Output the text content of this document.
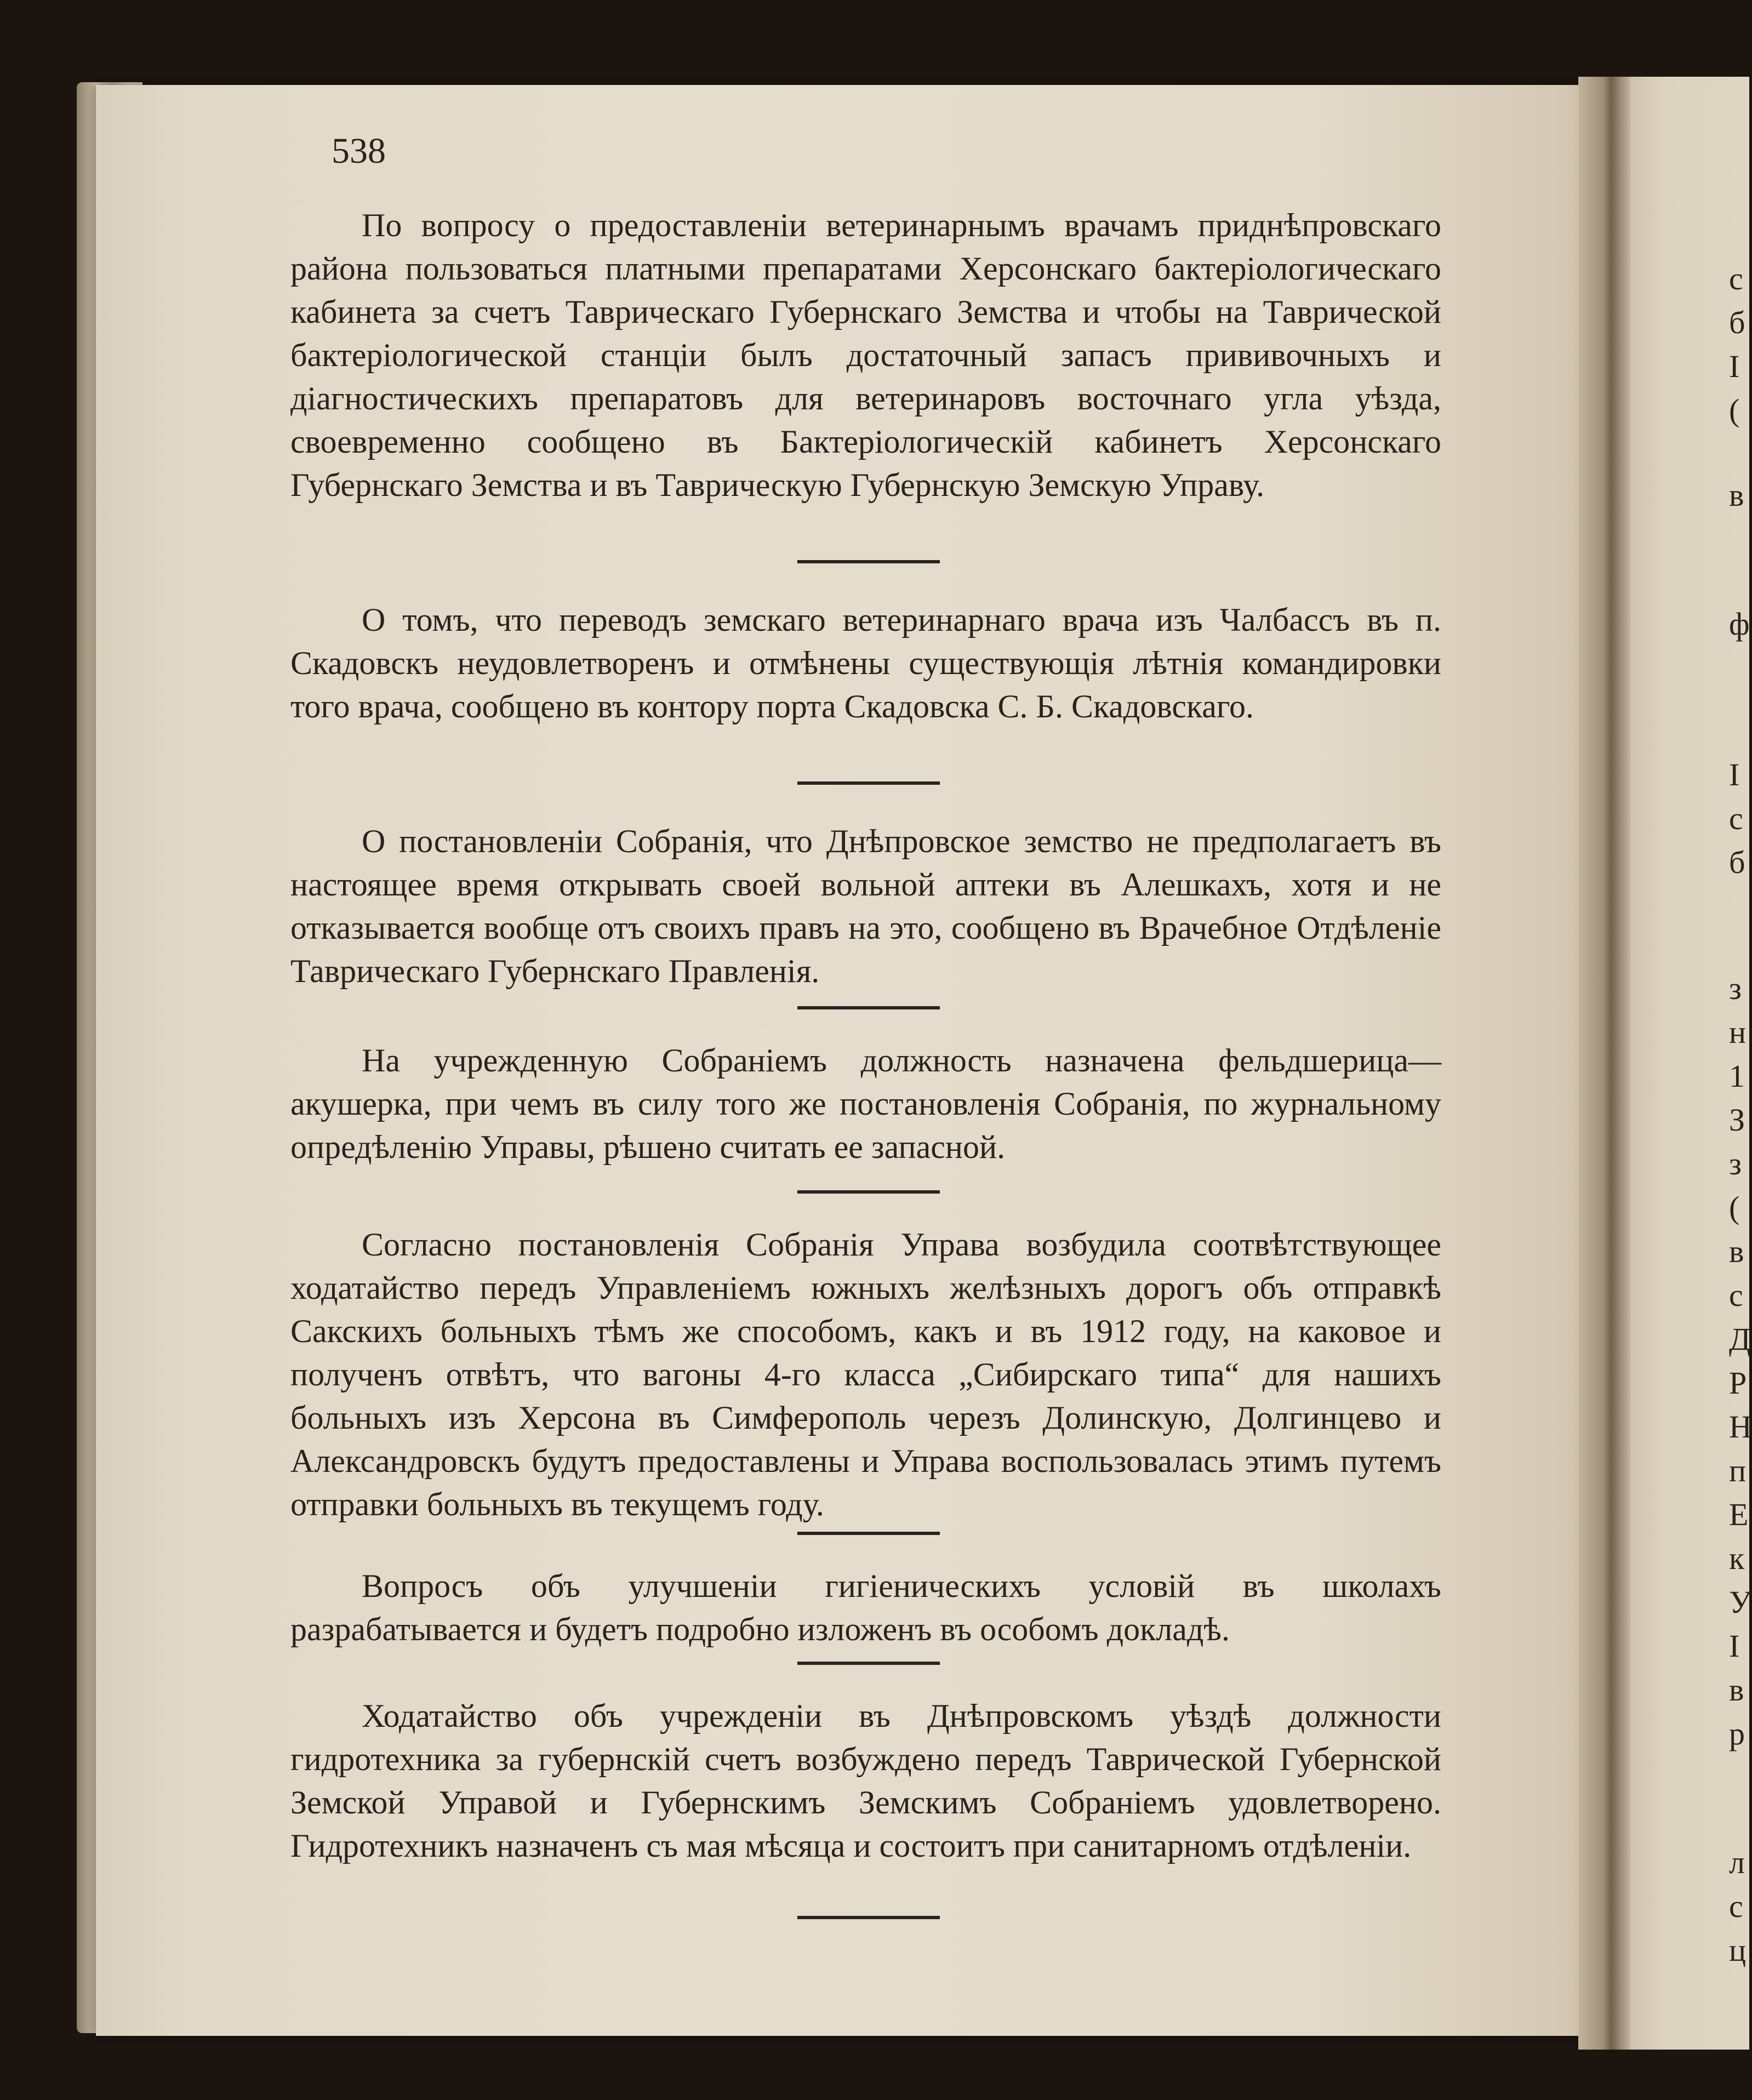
с
б
I
(
в
ф
I
с
б
з
н
1
З
з
(
в
с
Д
Р
Н
п
Е
к
У
I
в
р
л
с
ц
538

По вопросу о предоставленіи ветеринарнымъ врачамъ приднѣпровскаго района пользоваться платными препаратами Херсонскаго бактеріологическаго кабинета за счетъ Таврическаго Губернскаго Земства и чтобы на Таврической бактеріологической станціи былъ достаточный запасъ прививочныхъ и діагностическихъ препаратовъ для ветеринаровъ восточнаго угла уѣзда, своевременно сообщено въ Бактеріологическій кабинетъ Херсонскаго Губернскаго Земства и въ Таврическую Губернскую Земскую Управу.

О томъ, что переводъ земскаго ветеринарнаго врача изъ Чалбассъ въ п. Скадовскъ неудовлетворенъ и отмѣнены существующія лѣтнія командировки того врача, сообщено въ контору порта Скадовска С. Б. Скадовскаго.

О постановленіи Собранія, что Днѣпровское земство не предполагаетъ въ настоящее время открывать своей вольной аптеки въ Алешкахъ, хотя и не отказывается вообще отъ своихъ правъ на это, сообщено въ Врачебное Отдѣленіе Таврическаго Губернскаго Правленія.

На учрежденную Собраніемъ должность назначена фельдшерица—акушерка, при чемъ въ силу того же постановленія Собранія, по журнальному опредѣленію Управы, рѣшено считать ее запасной.

Согласно постановленія Собранія Управа возбудила соотвѣтствующее ходатайство передъ Управленіемъ южныхъ желѣзныхъ дорогъ объ отправкѣ Сакскихъ больныхъ тѣмъ же способомъ, какъ и въ 1912 году, на каковое и полученъ отвѣтъ, что вагоны 4-го класса „Сибирскаго типа“ для нашихъ больныхъ изъ Херсона въ Симферополь черезъ Долинскую, Долгинцево и Александровскъ будутъ предоставлены и Управа воспользовалась этимъ путемъ отправки больныхъ въ текущемъ году.

Вопросъ объ улучшеніи гигіеническихъ условій въ школахъ разрабатывается и будетъ подробно изложенъ въ особомъ докладѣ.

Ходатайство объ учрежденіи въ Днѣпровскомъ уѣздѣ должности гидротехника за губернскій счетъ возбуждено передъ Таврической Губернской Земской Управой и Губернскимъ Земскимъ Собраніемъ удовлетворено. Гидротехникъ назначенъ съ мая мѣсяца и состоитъ при санитарномъ отдѣленіи.
